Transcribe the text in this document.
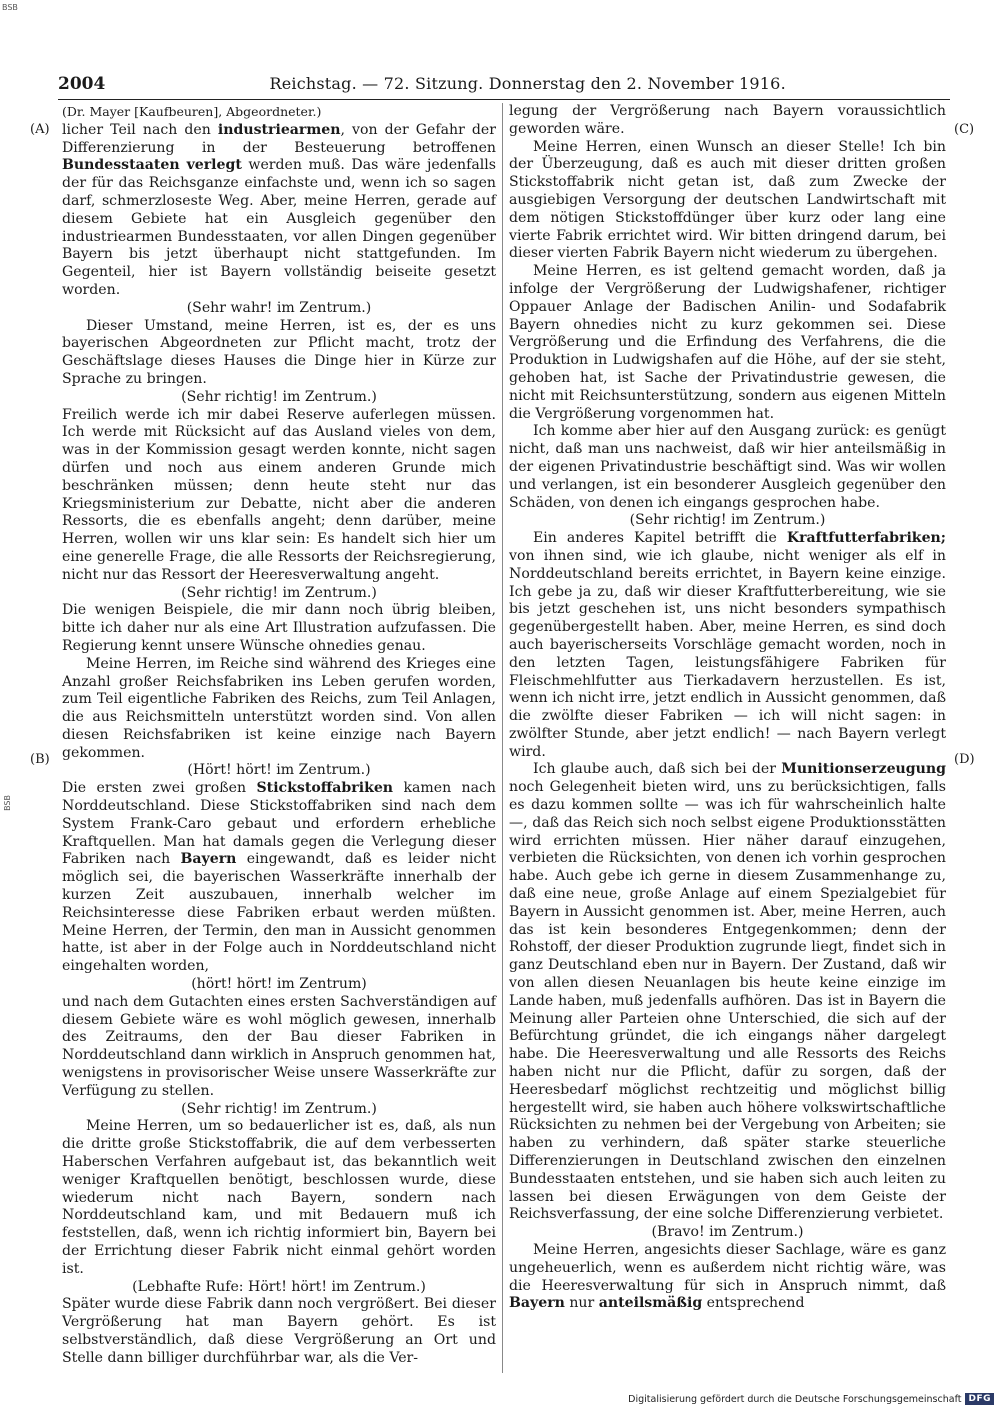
BSB
BSB
2004	Reichstag. — 72. Sitzung. Donnerstag den 2. November 1916.
(A)
(B)
(C)
(D)

(Dr. Mayer [Kaufbeuren], Abgeordneter.)

licher Teil nach den industriearmen, von der Gefahr der Differenzierung in der Besteuerung betroffenen Bundesstaaten verlegt werden muß. Das wäre jedenfalls der für das Reichsganze einfachste und, wenn ich so sagen darf, schmerzloseste Weg. Aber, meine Herren, gerade auf diesem Gebiete hat ein Ausgleich gegenüber den industriearmen Bundesstaaten, vor allen Dingen gegenüber Bayern bis jetzt überhaupt nicht stattgefunden. Im Gegenteil, hier ist Bayern vollständig beiseite gesetzt worden.

(Sehr wahr! im Zentrum.)

Dieser Umstand, meine Herren, ist es, der es uns bayerischen Abgeordneten zur Pflicht macht, trotz der Geschäftslage dieses Hauses die Dinge hier in Kürze zur Sprache zu bringen.

(Sehr richtig! im Zentrum.)

Freilich werde ich mir dabei Reserve auferlegen müssen. Ich werde mit Rücksicht auf das Ausland vieles von dem, was in der Kommission gesagt werden konnte, nicht sagen dürfen und noch aus einem anderen Grunde mich beschränken müssen; denn heute steht nur das Kriegsministerium zur Debatte, nicht aber die anderen Ressorts, die es ebenfalls angeht; denn darüber, meine Herren, wollen wir uns klar sein: Es handelt sich hier um eine generelle Frage, die alle Ressorts der Reichsregierung, nicht nur das Ressort der Heeresverwaltung angeht.

(Sehr richtig! im Zentrum.)

Die wenigen Beispiele, die mir dann noch übrig bleiben, bitte ich daher nur als eine Art Illustration aufzufassen. Die Regierung kennt unsere Wünsche ohnedies genau.

Meine Herren, im Reiche sind während des Krieges eine Anzahl großer Reichsfabriken ins Leben gerufen worden, zum Teil eigentliche Fabriken des Reichs, zum Teil Anlagen, die aus Reichsmitteln unterstützt worden sind. Von allen diesen Reichsfabriken ist keine einzige nach Bayern gekommen.

(Hört! hört! im Zentrum.)

Die ersten zwei großen Stickstoffabriken kamen nach Norddeutschland. Diese Stickstoffabriken sind nach dem System Frank-Caro gebaut und erfordern erhebliche Kraftquellen. Man hat damals gegen die Verlegung dieser Fabriken nach Bayern eingewandt, daß es leider nicht möglich sei, die bayerischen Wasserkräfte innerhalb der kurzen Zeit auszubauen, innerhalb welcher im Reichsinteresse diese Fabriken erbaut werden müßten. Meine Herren, der Termin, den man in Aussicht genommen hatte, ist aber in der Folge auch in Norddeutschland nicht eingehalten worden,

(hört! hört! im Zentrum)

und nach dem Gutachten eines ersten Sachverständigen auf diesem Gebiete wäre es wohl möglich gewesen, innerhalb des Zeitraums, den der Bau dieser Fabriken in Norddeutschland dann wirklich in Anspruch genommen hat, wenigstens in provisorischer Weise unsere Wasserkräfte zur Verfügung zu stellen.

(Sehr richtig! im Zentrum.)

Meine Herren, um so bedauerlicher ist es, daß, als nun die dritte große Stickstoffabrik, die auf dem verbesserten Haberschen Verfahren aufgebaut ist, das bekanntlich weit weniger Kraftquellen benötigt, beschlossen wurde, diese wiederum nicht nach Bayern, sondern nach Norddeutschland kam, und mit Bedauern muß ich feststellen, daß, wenn ich richtig informiert bin, Bayern bei der Errichtung dieser Fabrik nicht einmal gehört worden ist.

(Lebhafte Rufe: Hört! hört! im Zentrum.)

Später wurde diese Fabrik dann noch vergrößert. Bei dieser Vergrößerung hat man Bayern gehört. Es ist selbstverständlich, daß diese Vergrößerung an Ort und Stelle dann billiger durchführbar war, als die Ver-

legung der Vergrößerung nach Bayern voraussichtlich geworden wäre.

Meine Herren, einen Wunsch an dieser Stelle! Ich bin der Überzeugung, daß es auch mit dieser dritten großen Stickstoffabrik nicht getan ist, daß zum Zwecke der ausgiebigen Versorgung der deutschen Landwirtschaft mit dem nötigen Stickstoffdünger über kurz oder lang eine vierte Fabrik errichtet wird. Wir bitten dringend darum, bei dieser vierten Fabrik Bayern nicht wiederum zu übergehen.

Meine Herren, es ist geltend gemacht worden, daß ja infolge der Vergrößerung der Ludwigshafener, richtiger Oppauer Anlage der Badischen Anilin- und Sodafabrik Bayern ohnedies nicht zu kurz gekommen sei. Diese Vergrößerung und die Erfindung des Verfahrens, die die Produktion in Ludwigshafen auf die Höhe, auf der sie steht, gehoben hat, ist Sache der Privatindustrie gewesen, die nicht mit Reichsunterstützung, sondern aus eigenen Mitteln die Vergrößerung vorgenommen hat.

Ich komme aber hier auf den Ausgang zurück: es genügt nicht, daß man uns nachweist, daß wir hier anteilsmäßig in der eigenen Privatindustrie beschäftigt sind. Was wir wollen und verlangen, ist ein besonderer Ausgleich gegenüber den Schäden, von denen ich eingangs gesprochen habe.

(Sehr richtig! im Zentrum.)

Ein anderes Kapitel betrifft die Kraftfutterfabriken; von ihnen sind, wie ich glaube, nicht weniger als elf in Norddeutschland bereits errichtet, in Bayern keine einzige. Ich gebe ja zu, daß wir dieser Kraftfutterbereitung, wie sie bis jetzt geschehen ist, uns nicht besonders sympathisch gegenübergestellt haben. Aber, meine Herren, es sind doch auch bayerischerseits Vorschläge gemacht worden, noch in den letzten Tagen, leistungsfähigere Fabriken für Fleischmehlfutter aus Tierkadavern herzustellen. Es ist, wenn ich nicht irre, jetzt endlich in Aussicht genommen, daß die zwölfte dieser Fabriken — ich will nicht sagen: in zwölfter Stunde, aber jetzt endlich! — nach Bayern verlegt wird.

Ich glaube auch, daß sich bei der Munitionserzeugung noch Gelegenheit bieten wird, uns zu berücksichtigen, falls es dazu kommen sollte — was ich für wahrscheinlich halte —, daß das Reich sich noch selbst eigene Produktionsstätten wird errichten müssen. Hier näher darauf einzugehen, verbieten die Rücksichten, von denen ich vorhin gesprochen habe. Auch gebe ich gerne in diesem Zusammenhange zu, daß eine neue, große Anlage auf einem Spezialgebiet für Bayern in Aussicht genommen ist. Aber, meine Herren, auch das ist kein besonderes Entgegenkommen; denn der Rohstoff, der dieser Produktion zugrunde liegt, findet sich in ganz Deutschland eben nur in Bayern. Der Zustand, daß wir von allen diesen Neuanlagen bis heute keine einzige im Lande haben, muß jedenfalls aufhören. Das ist in Bayern die Meinung aller Parteien ohne Unterschied, die sich auf der Befürchtung gründet, die ich eingangs näher dargelegt habe. Die Heeresverwaltung und alle Ressorts des Reichs haben nicht nur die Pflicht, dafür zu sorgen, daß der Heeresbedarf möglichst rechtzeitig und möglichst billig hergestellt wird, sie haben auch höhere volkswirtschaftliche Rücksichten zu nehmen bei der Vergebung von Arbeiten; sie haben zu verhindern, daß später starke steuerliche Differenzierungen in Deutschland zwischen den einzelnen Bundesstaaten entstehen, und sie haben sich auch leiten zu lassen bei diesen Erwägungen von dem Geiste der Reichsverfassung, der eine solche Differenzierung verbietet.

(Bravo! im Zentrum.)

Meine Herren, angesichts dieser Sachlage, wäre es ganz ungeheuerlich, wenn es außerdem nicht richtig wäre, was die Heeresverwaltung für sich in Anspruch nimmt, daß Bayern nur anteilsmäßig entsprechend

Digitalisierung gefördert durch die Deutsche Forschungsgemeinschaft DFG
